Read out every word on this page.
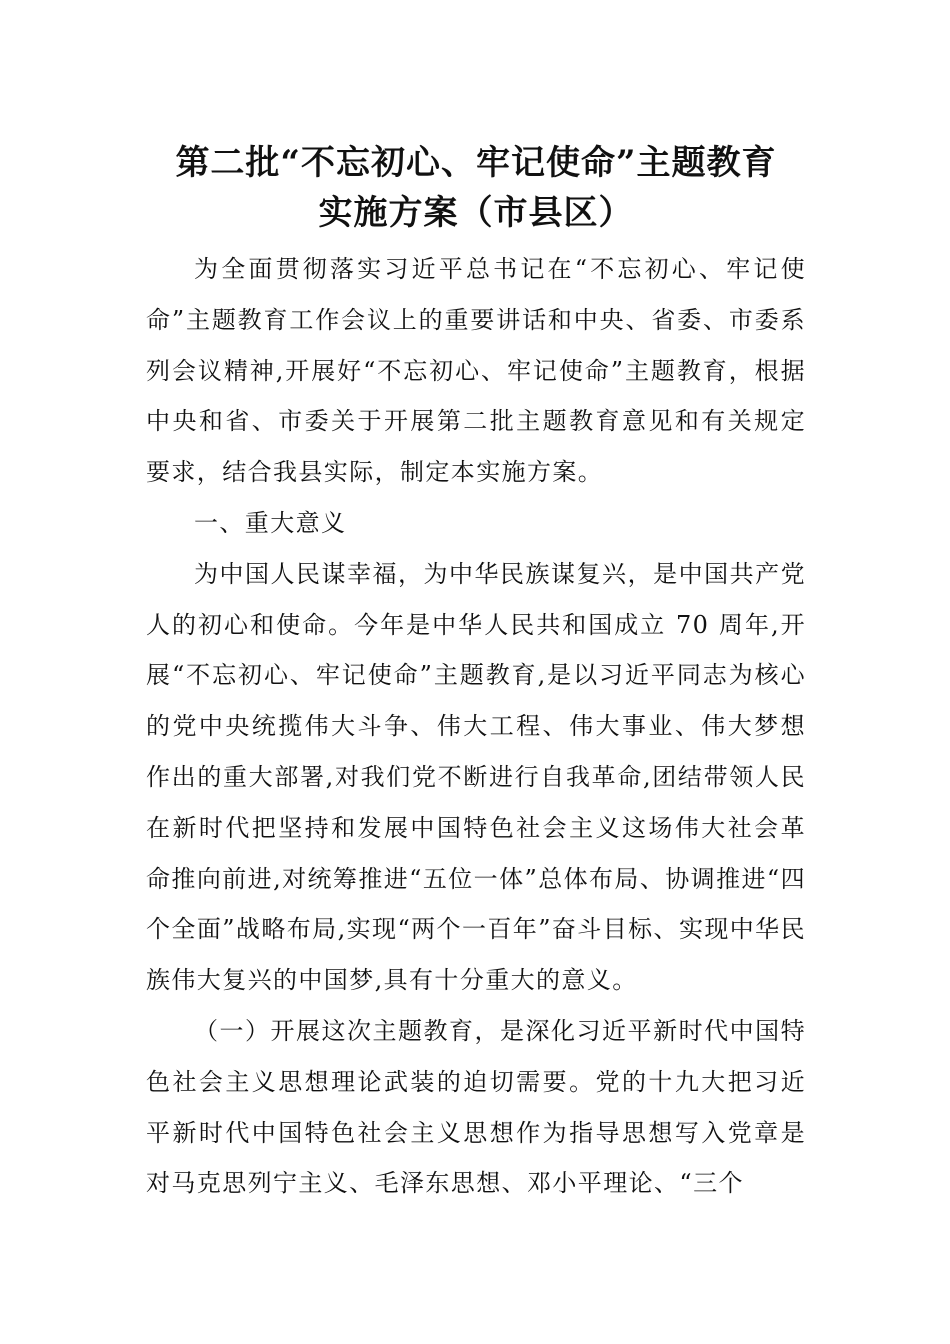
第二批“不忘初心、牢记使命”主题教育
实施方案（市县区）

为全面贯彻落实习近平总书记在“不忘初心、牢记使命”主题教育工作会议上的重要讲话和中央、省委、市委系列会议精神,开展好“不忘初心、牢记使命”主题教育，根据中央和省、市委关于开展第二批主题教育意见和有关规定要求，结合我县实际，制定本实施方案。

一、重大意义

为中国人民谋幸福，为中华民族谋复兴，是中国共产党人的初心和使命。今年是中华人民共和国成立 70 周年,开展“不忘初心、牢记使命”主题教育,是以习近平同志为核心的党中央统揽伟大斗争、伟大工程、伟大事业、伟大梦想作出的重大部署,对我们党不断进行自我革命,团结带领人民在新时代把坚持和发展中国特色社会主义这场伟大社会革命推向前进,对统筹推进“五位一体”总体布局、协调推进“四个全面”战略布局,实现“两个一百年”奋斗目标、实现中华民族伟大复兴的中国梦,具有十分重大的意义。

（一）开展这次主题教育，是深化习近平新时代中国特色社会主义思想理论武装的迫切需要。党的十九大把习近平新时代中国特色社会主义思想作为指导思想写入党章是对马克思列宁主义、毛泽东思想、邓小平理论、“三个
